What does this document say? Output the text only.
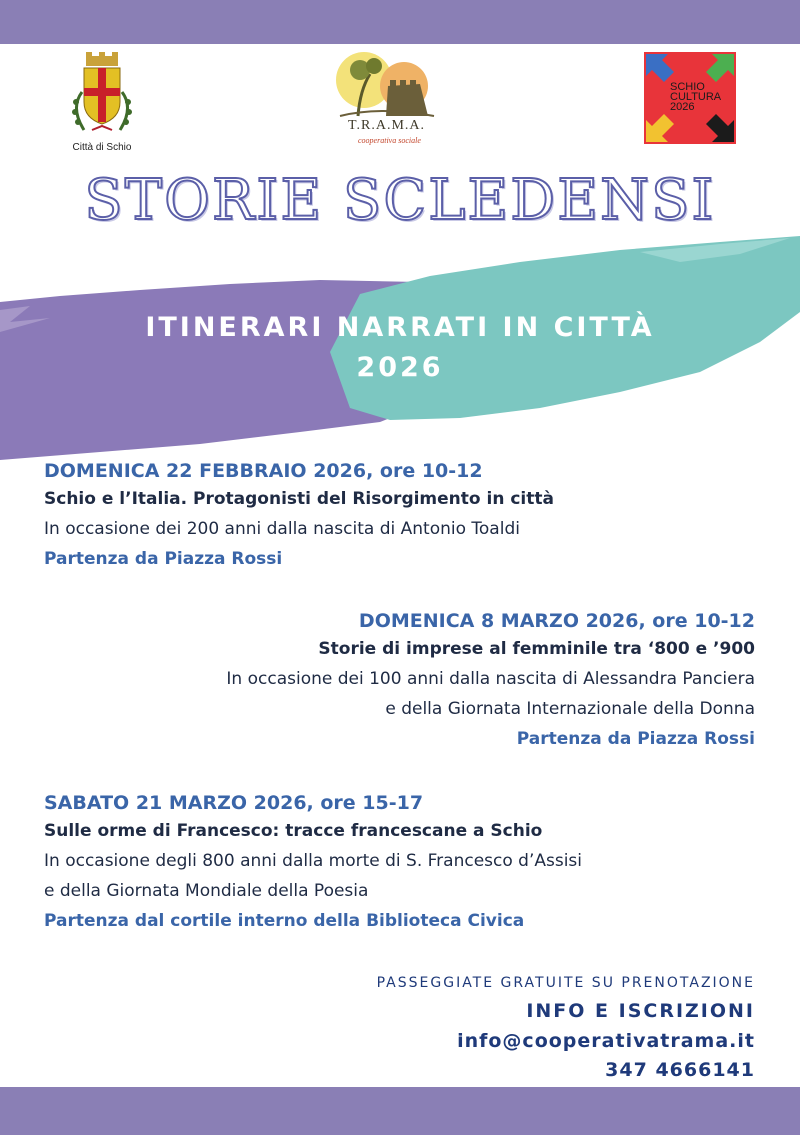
Città di Schio
T.R.A.M.A.
cooperativa sociale
SCHIO
CULTURA
2026
STORIE SCLEDENSI
ITINERARI NARRATI IN CITTÀ
2026
DOMENICA 22 FEBBRAIO 2026, ore 10-12
Schio e l’Italia. Protagonisti del Risorgimento in città
In occasione dei 200 anni dalla nascita di Antonio Toaldi
Partenza da Piazza Rossi
DOMENICA 8 MARZO 2026, ore 10-12
Storie di imprese al femminile tra ‘800 e ’900
In occasione dei 100 anni dalla nascita di Alessandra Panciera
e della Giornata Internazionale della Donna
Partenza da Piazza Rossi
SABATO 21 MARZO 2026, ore 15-17
Sulle orme di Francesco: tracce francescane a Schio
In occasione degli 800 anni dalla morte di S. Francesco d’Assisi
e della Giornata Mondiale della Poesia
Partenza dal cortile interno della Biblioteca Civica
PASSEGGIATE GRATUITE SU PRENOTAZIONE
INFO E ISCRIZIONI
info@cooperativatrama.it
347 4666141
